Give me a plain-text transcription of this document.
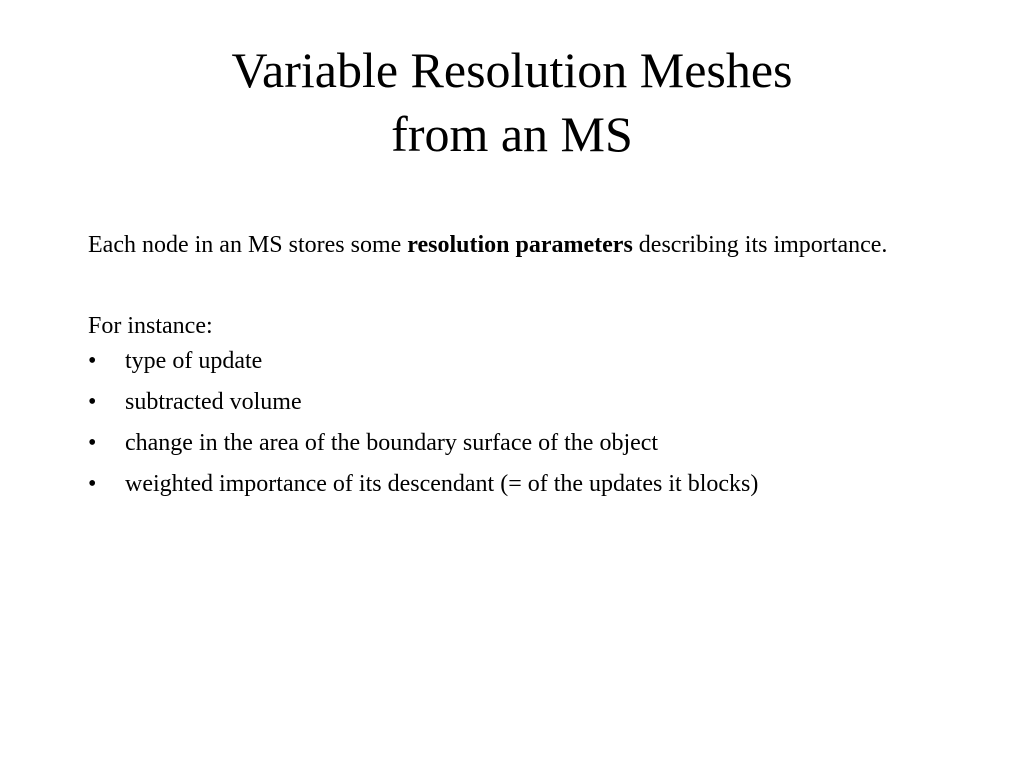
Variable Resolution Meshes
from an MS

Each node in an MS stores some resolution parameters describing its importance.

For instance:

• type of update
• subtracted volume
• change in the area of the boundary surface of the object
• weighted importance of its descendant (= of the updates it blocks)
